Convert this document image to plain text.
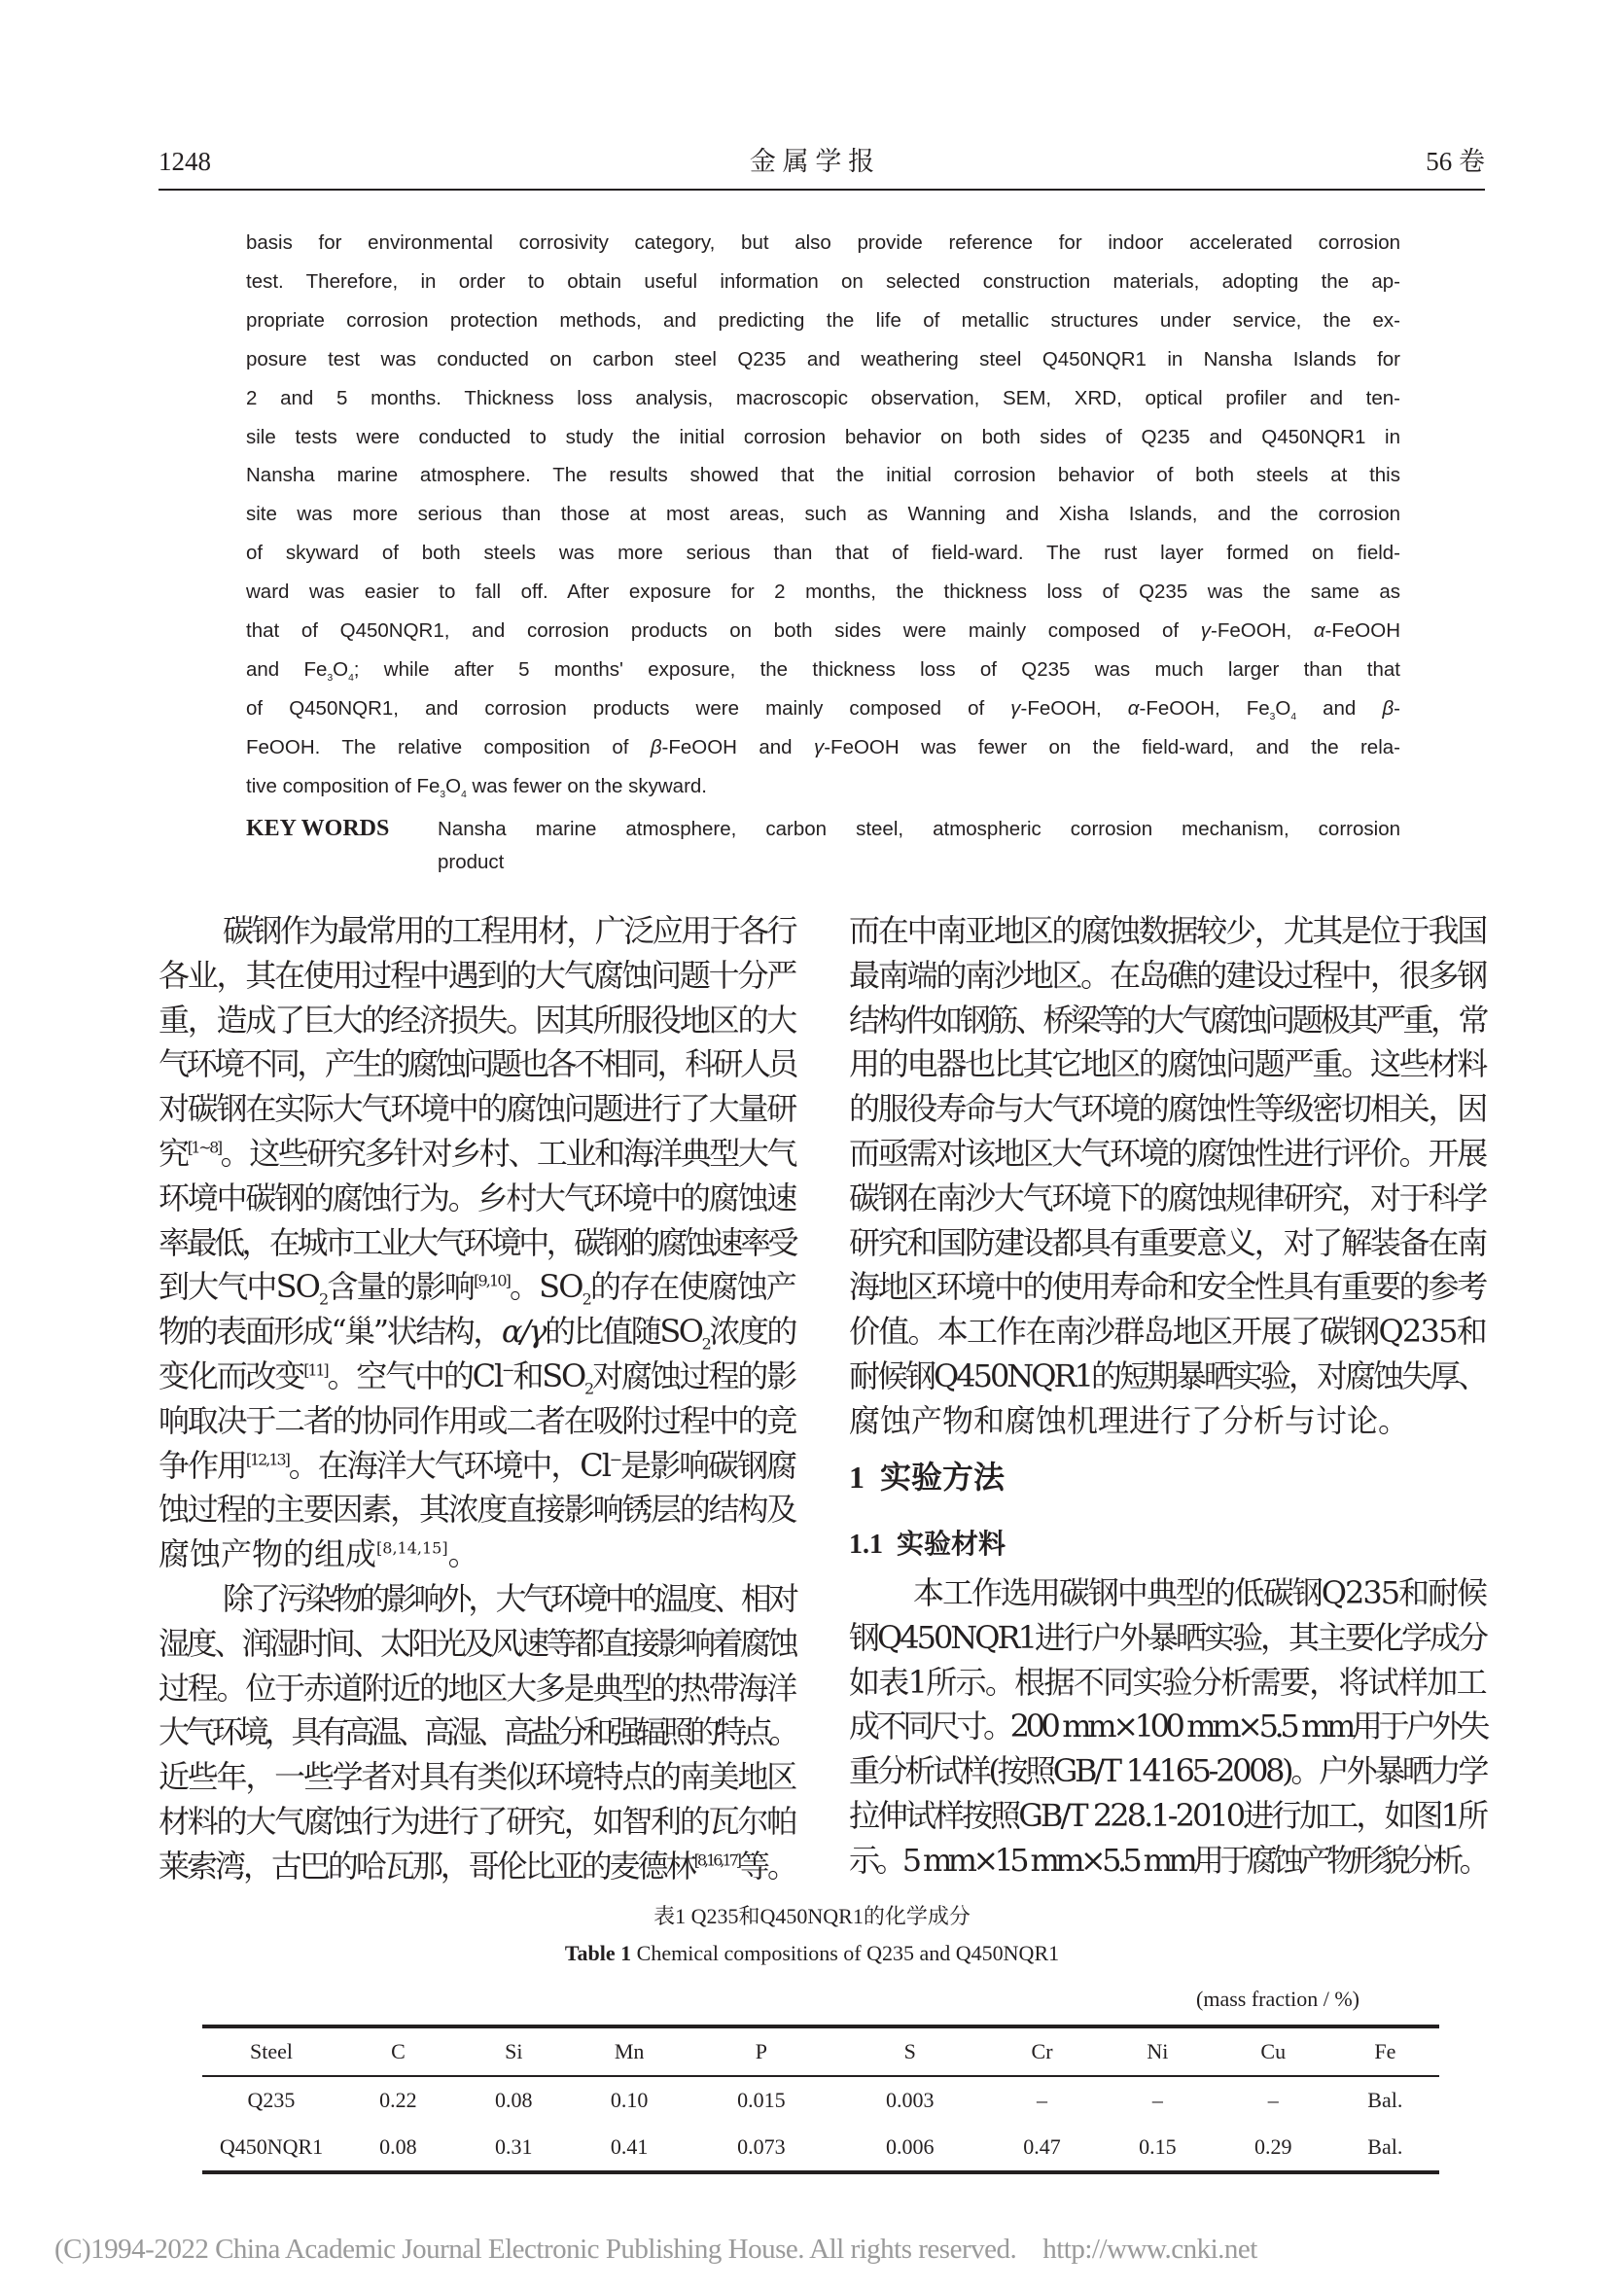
1248	金 属 学 报	56 卷
basis for environmental corrosivity category, but also provide reference for indoor accelerated corrosion
test. Therefore, in order to obtain useful information on selected construction materials, adopting the ap-
propriate corrosion protection methods, and predicting the life of metallic structures under service, the ex-
posure test was conducted on carbon steel Q235 and weathering steel Q450NQR1 in Nansha Islands for
2 and 5 months. Thickness loss analysis, macroscopic observation, SEM, XRD, optical profiler and ten-
sile tests were conducted to study the initial corrosion behavior on both sides of Q235 and Q450NQR1 in
Nansha marine atmosphere. The results showed that the initial corrosion behavior of both steels at this
site was more serious than those at most areas, such as Wanning and Xisha Islands, and the corrosion
of skyward of both steels was more serious than that of field-ward. The rust layer formed on field-
ward was easier to fall off. After exposure for 2 months, the thickness loss of Q235 was the same as
that of Q450NQR1, and corrosion products on both sides were mainly composed of γ-FeOOH, α-FeOOH
and $Fe_3O_4$; while after 5 months' exposure, the thickness loss of Q235 was much larger than that
of Q450NQR1, and corrosion products were mainly composed of γ-FeOOH, α-FeOOH, $Fe_3O_4$ and β-
FeOOH. The relative composition of β-FeOOH and γ-FeOOH was fewer on the field-ward, and the rela-
tive composition of $Fe_3O_4$ was fewer on the skyward.
KEY WORDS Nansha marine atmosphere, carbon steel, atmospheric corrosion mechanism, corrosion
product
碳钢作为最常用的工程用材，广泛应用于各行
各业，其在使用过程中遇到的大气腐蚀问题十分严
重，造成了巨大的经济损失。因其所服役地区的大
气环境不同，产生的腐蚀问题也各不相同，科研人员
对碳钢在实际大气环境中的腐蚀问题进行了大量研
究[1~8]。这些研究多针对乡村、工业和海洋典型大气
环境中碳钢的腐蚀行为。乡村大气环境中的腐蚀速
率最低，在城市工业大气环境中，碳钢的腐蚀速率受
到大气中$SO_2$含量的影响[9,10]。$SO_2$的存在使腐蚀产
物的表面形成“巢”状结构，α/γ的比值随$SO_2$浓度的
变化而改变[11]。空气中的Cl−和$SO_2$对腐蚀过程的影
响取决于二者的协同作用或二者在吸附过程中的竞
争作用[12,13]。在海洋大气环境中，Cl−是影响碳钢腐
蚀过程的主要因素，其浓度直接影响锈层的结构及
腐蚀产物的组成[8,14,15]。
除了污染物的影响外，大气环境中的温度、相对
湿度、润湿时间、太阳光及风速等都直接影响着腐蚀
过程。位于赤道附近的地区大多是典型的热带海洋
大气环境，具有高温、高湿、高盐分和强辐照的特点。
近些年，一些学者对具有类似环境特点的南美地区
材料的大气腐蚀行为进行了研究，如智利的瓦尔帕
莱索湾，古巴的哈瓦那，哥伦比亚的麦德林[8,16,17]等。
而在中南亚地区的腐蚀数据较少，尤其是位于我国
最南端的南沙地区。在岛礁的建设过程中，很多钢
结构件如钢筋、桥梁等的大气腐蚀问题极其严重，常
用的电器也比其它地区的腐蚀问题严重。这些材料
的服役寿命与大气环境的腐蚀性等级密切相关，因
而亟需对该地区大气环境的腐蚀性进行评价。开展
碳钢在南沙大气环境下的腐蚀规律研究，对于科学
研究和国防建设都具有重要意义，对了解装备在南
海地区环境中的使用寿命和安全性具有重要的参考
价值。本工作在南沙群岛地区开展了碳钢Q235和
耐候钢Q450NQR1的短期暴晒实验，对腐蚀失厚、
腐蚀产物和腐蚀机理进行了分析与讨论。
本工作选用碳钢中典型的低碳钢Q235和耐候
钢Q450NQR1进行户外暴晒实验，其主要化学成分
如表1所示。根据不同实验分析需要，将试样加工
成不同尺寸。200 mm×100 mm×5.5 mm用于户外失
重分析试样(按照GB/T 14165-2008)。户外暴晒力学
拉伸试样按照GB/T 228.1-2010进行加工，如图1所
示。5 mm×15 mm×5.5 mm用于腐蚀产物形貌分析。
1  实验方法
1.1  实验材料
表1 Q235和Q450NQR1的化学成分
Table 1 Chemical compositions of Q235 and Q450NQR1
(mass fraction / %)
Steel	C	Si	Mn	P	S	Cr	Ni	Cu	Fe
Q235	0.22	0.08	0.10	0.015	0.003	–	–	–	Bal.
Q450NQR1	0.08	0.31	0.41	0.073	0.006	0.47	0.15	0.29	Bal.
(C)1994-2022 China Academic Journal Electronic Publishing House. All rights reserved.    http://www.cnki.net
